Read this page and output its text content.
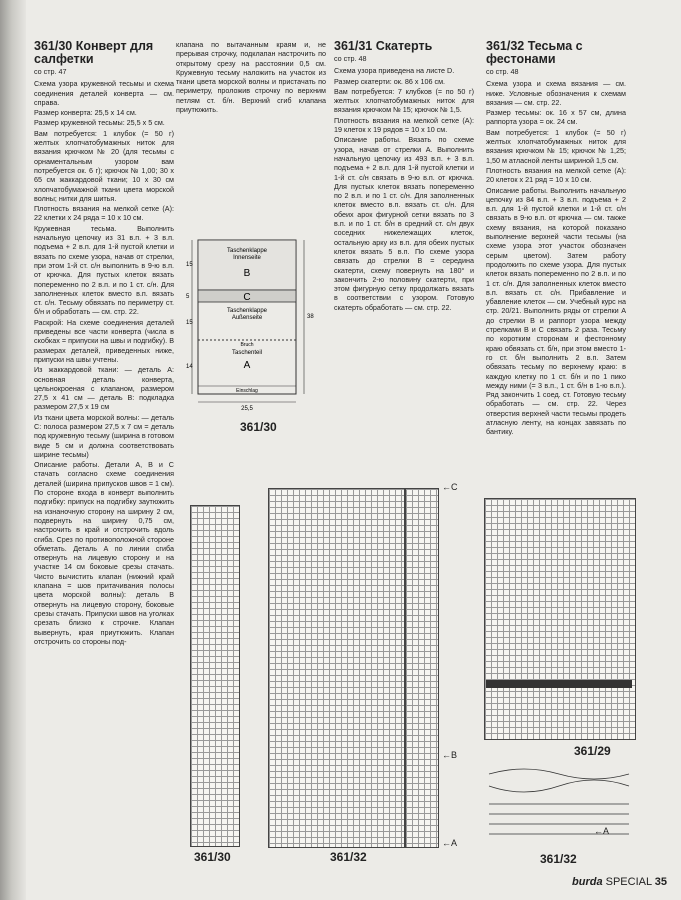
361/30 Конверт для салфетки
со стр. 47

Схема узора кружевной тесьмы и схема соединения деталей конверта — см. справа.

Размер конверта: 25,5 х 14 см.

Размер кружевной тесьмы: 25,5 х 5 см.

Вам потребуется: 1 клубок (= 50 г) желтых хлопчатобумажных ниток для вязания крючком № 20 (для тесьмы с орнаментальным узором вам потребуется ок. 6 г); крючок № 1,00; 30 х 65 см жаккардовой ткани; 10 х 30 см хлопчатобумажной ткани цвета морской волны; нитки для шитья.

Плотность вязания на мелкой сетке (А): 22 клетки х 24 ряда = 10 х 10 см.

Кружевная тесьма. Выполнить начальную цепочку из 31 в.п. + 3 в.п. подъема + 2 в.п. для 1-й пустой клетки и вязать по схеме узора, начав от стрелки, при этом 1-й ст. с/н выполнить в 9-ю в.п. от крючка. Для пустых клеток вязать попеременно по 2 в.п. и по 1 ст. с/н. Для заполненных клеток вместо в.п. вязать ст. с/н. Тесьму обвязать по периметру ст. б/н и обработать — см. стр. 22.

Раскрой: На схеме соединения деталей приведены все части конверта (числа в скобках = припуски на швы и подгибку). В размерах деталей, приведенных ниже, припуски на швы учтены.

Из жаккардовой ткани: — деталь А: основная деталь конверта, цельнокроеная с клапаном, размером 27,5 х 41 см — деталь В: подкладка размером 27,5 х 19 см

Из ткани цвета морской волны: — деталь С: полоса размером 27,5 х 7 см = деталь под кружевную тесьму (ширина в готовом виде 5 см и должна соответствовать ширине тесьмы)

Описание работы. Детали А, В и С стачать согласно схеме соединения деталей (ширина припусков швов = 1 см). По стороне входа в конверт выполнить подгибку: припуск на подгибку заутюжить на изнаночную сторону на ширину 2 см, подвернуть на ширину 0,75 см, настрочить в край и отстрочить вдоль сгиба. Срез по противоположной стороне обметать. Деталь А по линии сгиба отвернуть на лицевую сторону и на участке 14 см боковые срезы стачать. Чисто вычистить клапан (нижний край клапана = шов притачивания полосы цвета морской волны): деталь В отвернуть на лицевую сторону, боковые срезы стачать. Припуски швов на уголках срезать близко к строчке. Клапан вывернуть, края приутюжить. Клапан отстрочить со стороны под-

клапана по вытачанным краям и, не прерывая строчку, подклапан настрочить по открытому срезу на расстоянии 0,5 см. Кружевную тесьму наложить на участок из ткани цвета морской волны и пристачать по периметру, проложив строчку по верхним петлям ст. б/н. Верхний сгиб клапана приутюжить.

Taschenklappe
Innenseite
B
C
Taschenklappe
Außenseite
Taschenteil
A
Bruch
Einschlag
15
5
15
14
38
25,5
361/30
361/31 Скатерть
со стр. 48

Схема узора приведена на листе D.

Размер скатерти: ок. 86 х 106 см.

Вам потребуется: 7 клубков (= по 50 г) желтых хлопчатобумажных ниток для вязания крючком № 15; крючок № 1,5.

Плотность вязания на мелкой сетке (А): 19 клеток х 19 рядов = 10 х 10 см.

Описание работы. Вязать по схеме узора, начав от стрелки А. Выполнить начальную цепочку из 493 в.п. + 3 в.п. подъема + 2 в.п. для 1-й пустой клетки и 1-й ст. с/н связать в 9-ю в.п. от крючка. Для пустых клеток вязать попеременно по 2 в.п. и по 1 ст. с/н. Для заполненных клеток вместо в.п. вязать ст. с/н. Для обеих арок фигурной сетки вязать по 3 в.п. и по 1 ст. б/н в средний ст. с/н двух соседних нижележащих клеток, остальную арку из в.п. для обеих пустых клеток вязать 5 в.п. По схеме узора связать до стрелки В = середина скатерти, схему повернуть на 180° и закончить 2-ю половину скатерти, при этом фигурную сетку продолжать вязать в соответствии с узором. Готовую скатерть обработать — см. стр. 22.

361/32 Тесьма с фестонами
со стр. 48

Схема узора и схема вязания — см. ниже. Условные обозначения к схемам вязания — см. стр. 22.

Размер тесьмы: ок. 16 х 57 см, длина раппорта узора = ок. 24 см.

Вам потребуется: 1 клубок (= 50 г) желтых хлопчатобумажных ниток для вязания крючком № 15; крючок № 1,25; 1,50 м атласной ленты шириной 1,5 см.

Плотность вязания на мелкой сетке (А): 20 клеток х 21 ряд = 10 х 10 см.

Описание работы. Выполнить начальную цепочку из 84 в.п. + 3 в.п. подъема + 2 в.п. для 1-й пустой клетки и 1-й ст. с/н связать в 9-ю в.п. от крючка — см. также схему вязания, на которой показано выполнение верхней части тесьмы (на схеме узора этот участок обозначен серым цветом). Затем работу продолжить по схеме узора. Для пустых клеток вязать попеременно по 2 в.п. и по 1 ст. с/н. Для заполненных клеток вместо в.п. вязать ст. с/н. Прибавление и убавление клеток — см. Учебный курс на стр. 20/21. Выполнить ряды от стрелки А до стрелки В и раппорт узора между стрелками В и С связать 2 раза. Тесьму по коротким сторонам и фестонному краю обвязать ст. б/н, при этом вместо 1-го ст. б/н выполнить 2 в.п. Затем обвязать тесьму по верхнему краю: в каждую клетку по 1 ст. б/н и по 1 пико между ними (= 3 в.п., 1 ст. б/н в 1-ю в.п.). Ряд закончить 1 соед. ст. Готовую тесьму обработать — см. стр. 22. Через отверстия верхней части тесьмы продеть атласную ленту, на концах завязать по бантику.

361/30
←C
←B
←A
361/32
361/29
←A
361/32
burda SPECIAL 35
